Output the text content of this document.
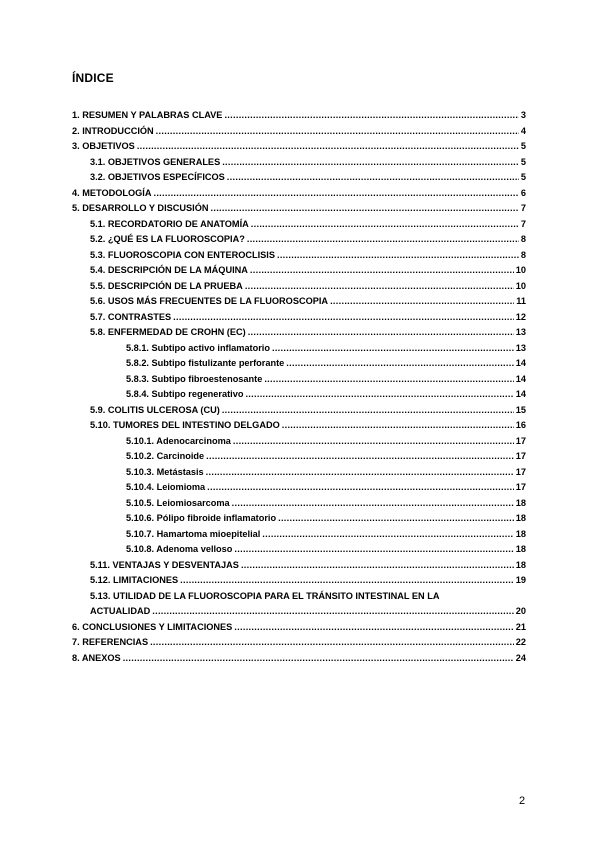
ÍNDICE
1. RESUMEN Y PALABRAS CLAVE .....	3
2. INTRODUCCIÓN .....	4
3. OBJETIVOS .....	5
3.1. OBJETIVOS GENERALES .....	5
3.2. OBJETIVOS ESPECÍFICOS .....	5
4. METODOLOGÍA .....	6
5. DESARROLLO Y DISCUSIÓN .....	7
5.1. RECORDATORIO DE ANATOMÍA .....	7
5.2. ¿QUÉ ES LA FLUOROSCOPIA? .....	8
5.3. FLUOROSCOPIA CON ENTEROCLISIS .....	8
5.4. DESCRIPCIÓN DE LA MÁQUINA .....	10
5.5. DESCRIPCIÓN DE LA PRUEBA .....	10
5.6. USOS MÁS FRECUENTES DE LA FLUOROSCOPIA .....	11
5.7. CONTRASTES .....	12
5.8. ENFERMEDAD DE CROHN (EC) .....	13
5.8.1. Subtipo activo inflamatorio .....	13
5.8.2. Subtipo fistulizante perforante .....	14
5.8.3. Subtipo fibroestenosante .....	14
5.8.4. Subtipo regenerativo .....	14
5.9. COLITIS ULCEROSA (CU) .....	15
5.10. TUMORES DEL INTESTINO DELGADO .....	16
5.10.1. Adenocarcinoma .....	17
5.10.2. Carcinoide .....	17
5.10.3. Metástasis .....	17
5.10.4. Leiomioma .....	17
5.10.5. Leiomiosarcoma .....	18
5.10.6. Pólipo fibroide inflamatorio .....	18
5.10.7. Hamartoma mioepitelial .....	18
5.10.8. Adenoma velloso .....	18
5.11. VENTAJAS Y DESVENTAJAS .....	18
5.12. LIMITACIONES .....	19
5.13. UTILIDAD DE LA FLUOROSCOPIA PARA EL TRÁNSITO INTESTINAL EN LA
ACTUALIDAD .....	20
6. CONCLUSIONES Y LIMITACIONES .....	21
7. REFERENCIAS .....	22
8. ANEXOS .....	24
2
